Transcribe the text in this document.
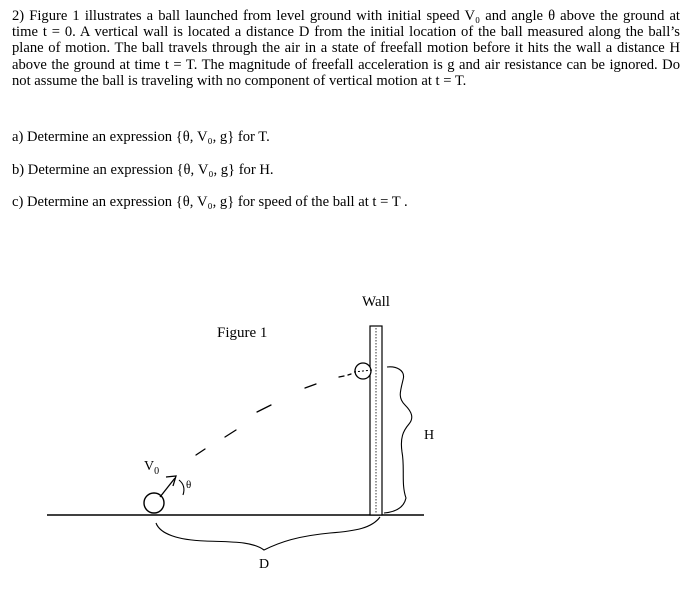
2) Figure 1 illustrates a ball launched from level ground with initial speed V₀ and angle θ above the ground at time t = 0. A vertical wall is located a distance D from the initial location of the ball measured along the ball’s plane of motion. The ball travels through the air in a state of freefall motion before it hits the wall a distance H above the ground at time t = T. The magnitude of freefall acceleration is g and air resistance can be ignored. Do not assume the ball is traveling with no component of vertical motion at t = T.

a) Determine an expression {θ, V₀, g} for T.

b) Determine an expression {θ, V₀, g} for H.

c) Determine an expression {θ, V₀, g} for speed of the ball at t = T .

Figure 1
Wall
H
D
$V_0$
θ
